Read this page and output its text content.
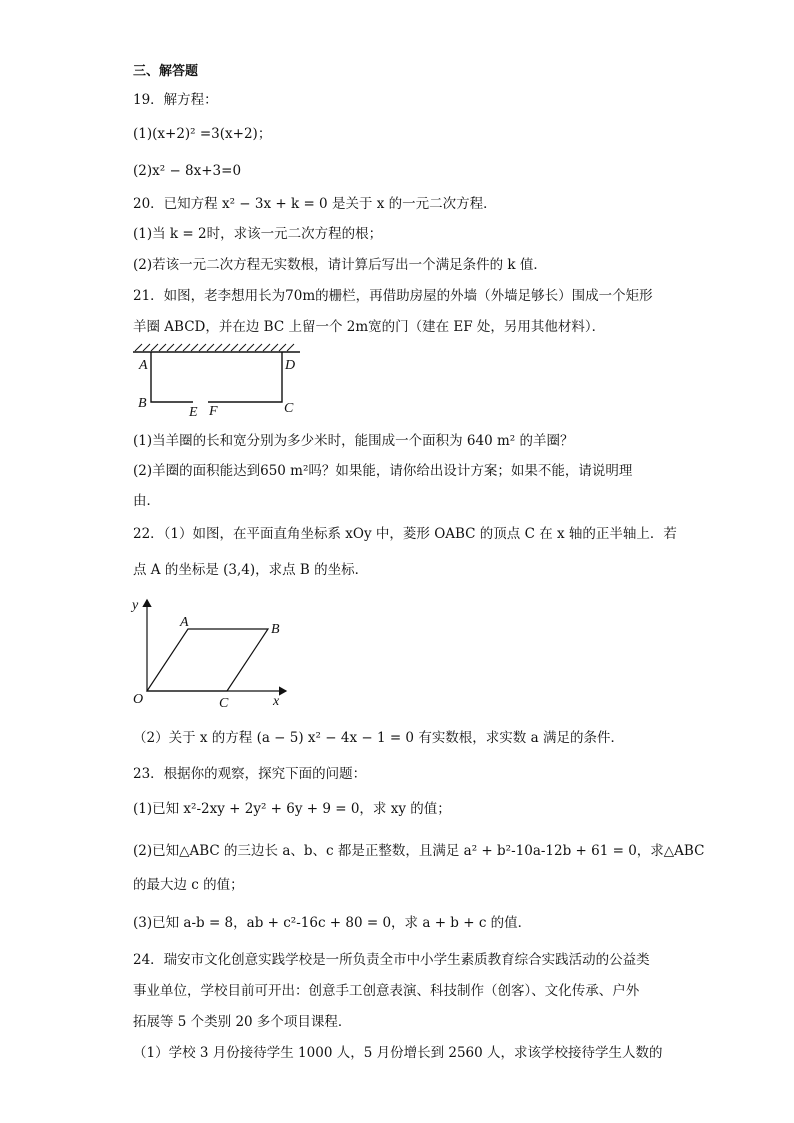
三、解答题
19．解方程：
(1)(x+2)² =3(x+2)；
(2)x² − 8x+3=0
20．已知方程 x² − 3x + k = 0 是关于 x 的一元二次方程．
(1)当 k = 2时，求该一元二次方程的根；
(2)若该一元二次方程无实数根，请计算后写出一个满足条件的 k 值．
21．如图，老李想用长为70m的栅栏，再借助房屋的外墙（外墙足够长）围成一个矩形
羊圈 ABCD，并在边 BC 上留一个 2m宽的门（建在 EF 处，另用其他材料）．
A	D
B	C
E F
(1)当羊圈的长和宽分别为多少米时，能围成一个面积为 640 m² 的羊圈？
(2)羊圈的面积能达到650 m²吗？如果能，请你给出设计方案；如果不能，请说明理
由．
22．（1）如图，在平面直角坐标系 xOy 中，菱形 OABC 的顶点 C 在 x 轴的正半轴上．若
点 A 的坐标是 (3,4)，求点 B 的坐标．
y
x
O
A	B
C
（2）关于 x 的方程 (a − 5) x² − 4x − 1 = 0 有实数根，求实数 a 满足的条件．
23．根据你的观察，探究下面的问题：
(1)已知 x²-2xy + 2y² + 6y + 9 = 0，求 xy 的值；
(2)已知△ABC 的三边长 a、b、c 都是正整数，且满足 a² + b²-10a-12b + 61 = 0，求△ABC
的最大边 c 的值；
(3)已知 a-b = 8，ab + c²-16c + 80 = 0，求 a + b + c 的值．
24．瑞安市文化创意实践学校是一所负责全市中小学生素质教育综合实践活动的公益类
事业单位，学校目前可开出：创意手工创意表演、科技制作（创客）、文化传承、户外
拓展等 5 个类别 20 多个项目课程．
（1）学校 3 月份接待学生 1000 人，5 月份增长到 2560 人，求该学校接待学生人数的
